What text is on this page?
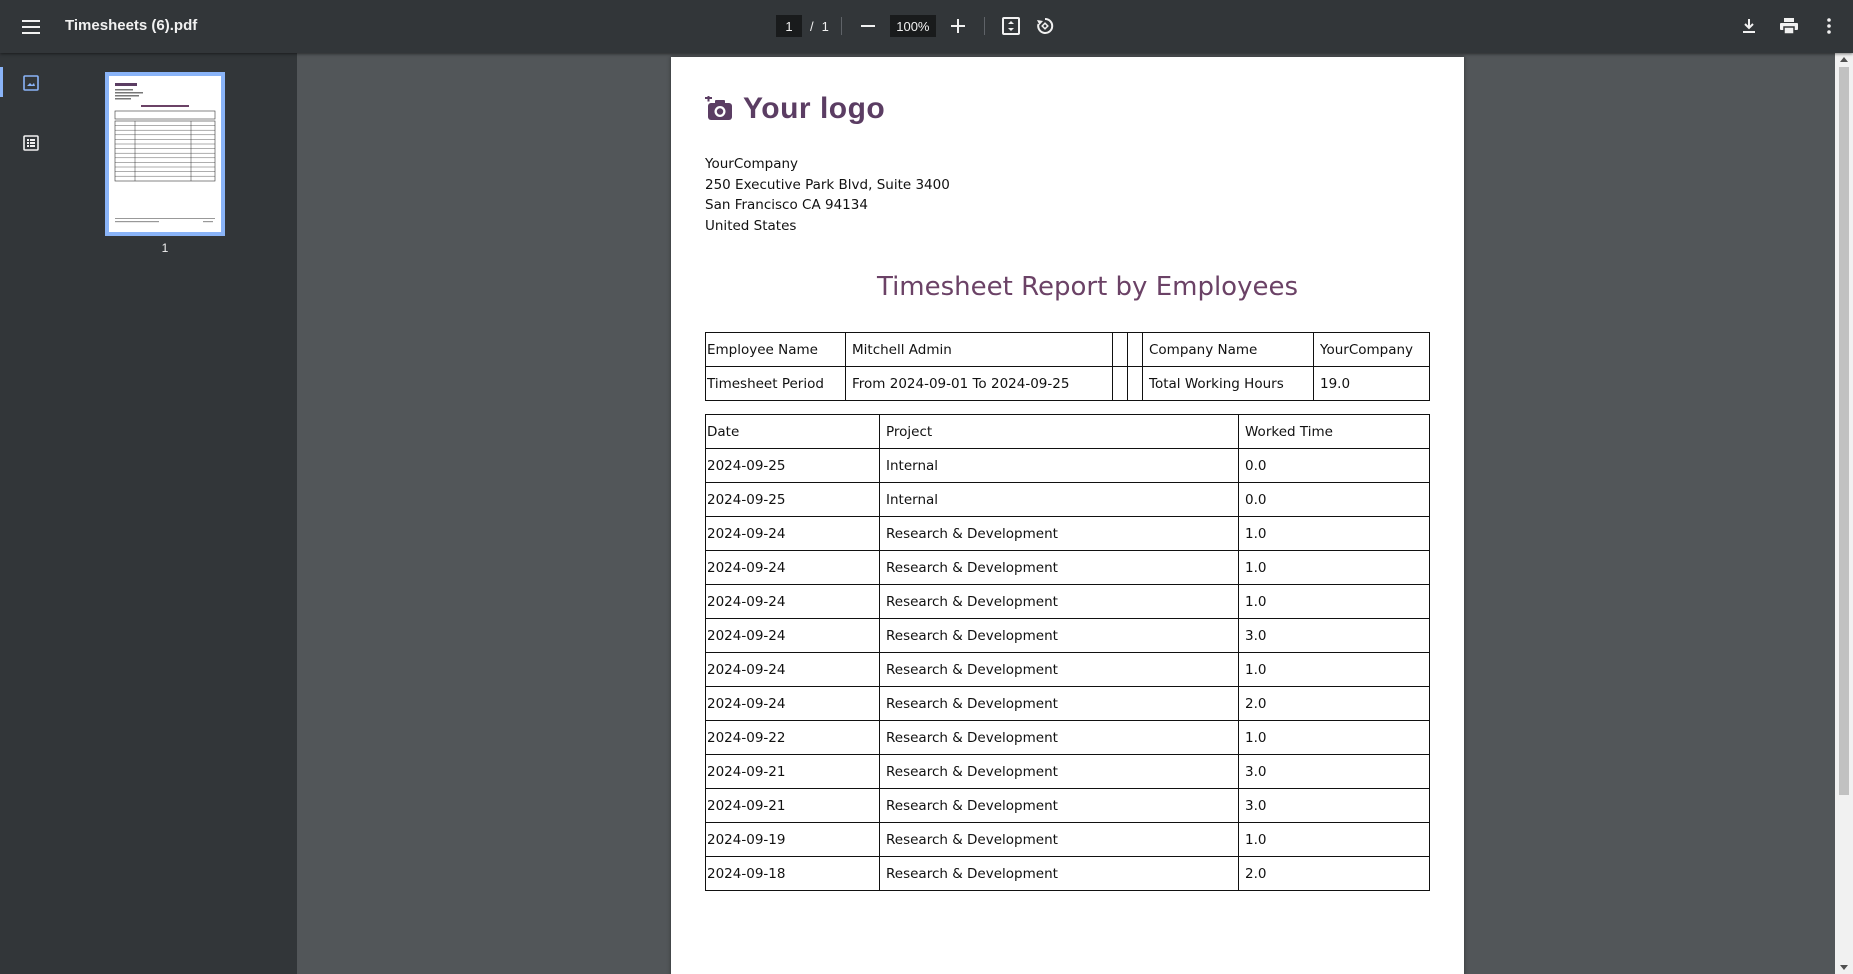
Timesheets (6).pdf
1	/ 1
100%
1
Your logo
YourCompany
250 Executive Park Blvd, Suite 3400
San Francisco CA 94134
United States
Timesheet Report by Employees
Employee Name	Mitchell Admin			Company Name	YourCompany
Timesheet Period	From 2024-09-01 To 2024-09-25			Total Working Hours	19.0
Date	Project	Worked Time
2024-09-25	Internal	0.0
2024-09-25	Internal	0.0
2024-09-24	Research & Development	1.0
2024-09-24	Research & Development	1.0
2024-09-24	Research & Development	1.0
2024-09-24	Research & Development	3.0
2024-09-24	Research & Development	1.0
2024-09-24	Research & Development	2.0
2024-09-22	Research & Development	1.0
2024-09-21	Research & Development	3.0
2024-09-21	Research & Development	3.0
2024-09-19	Research & Development	1.0
2024-09-18	Research & Development	2.0
